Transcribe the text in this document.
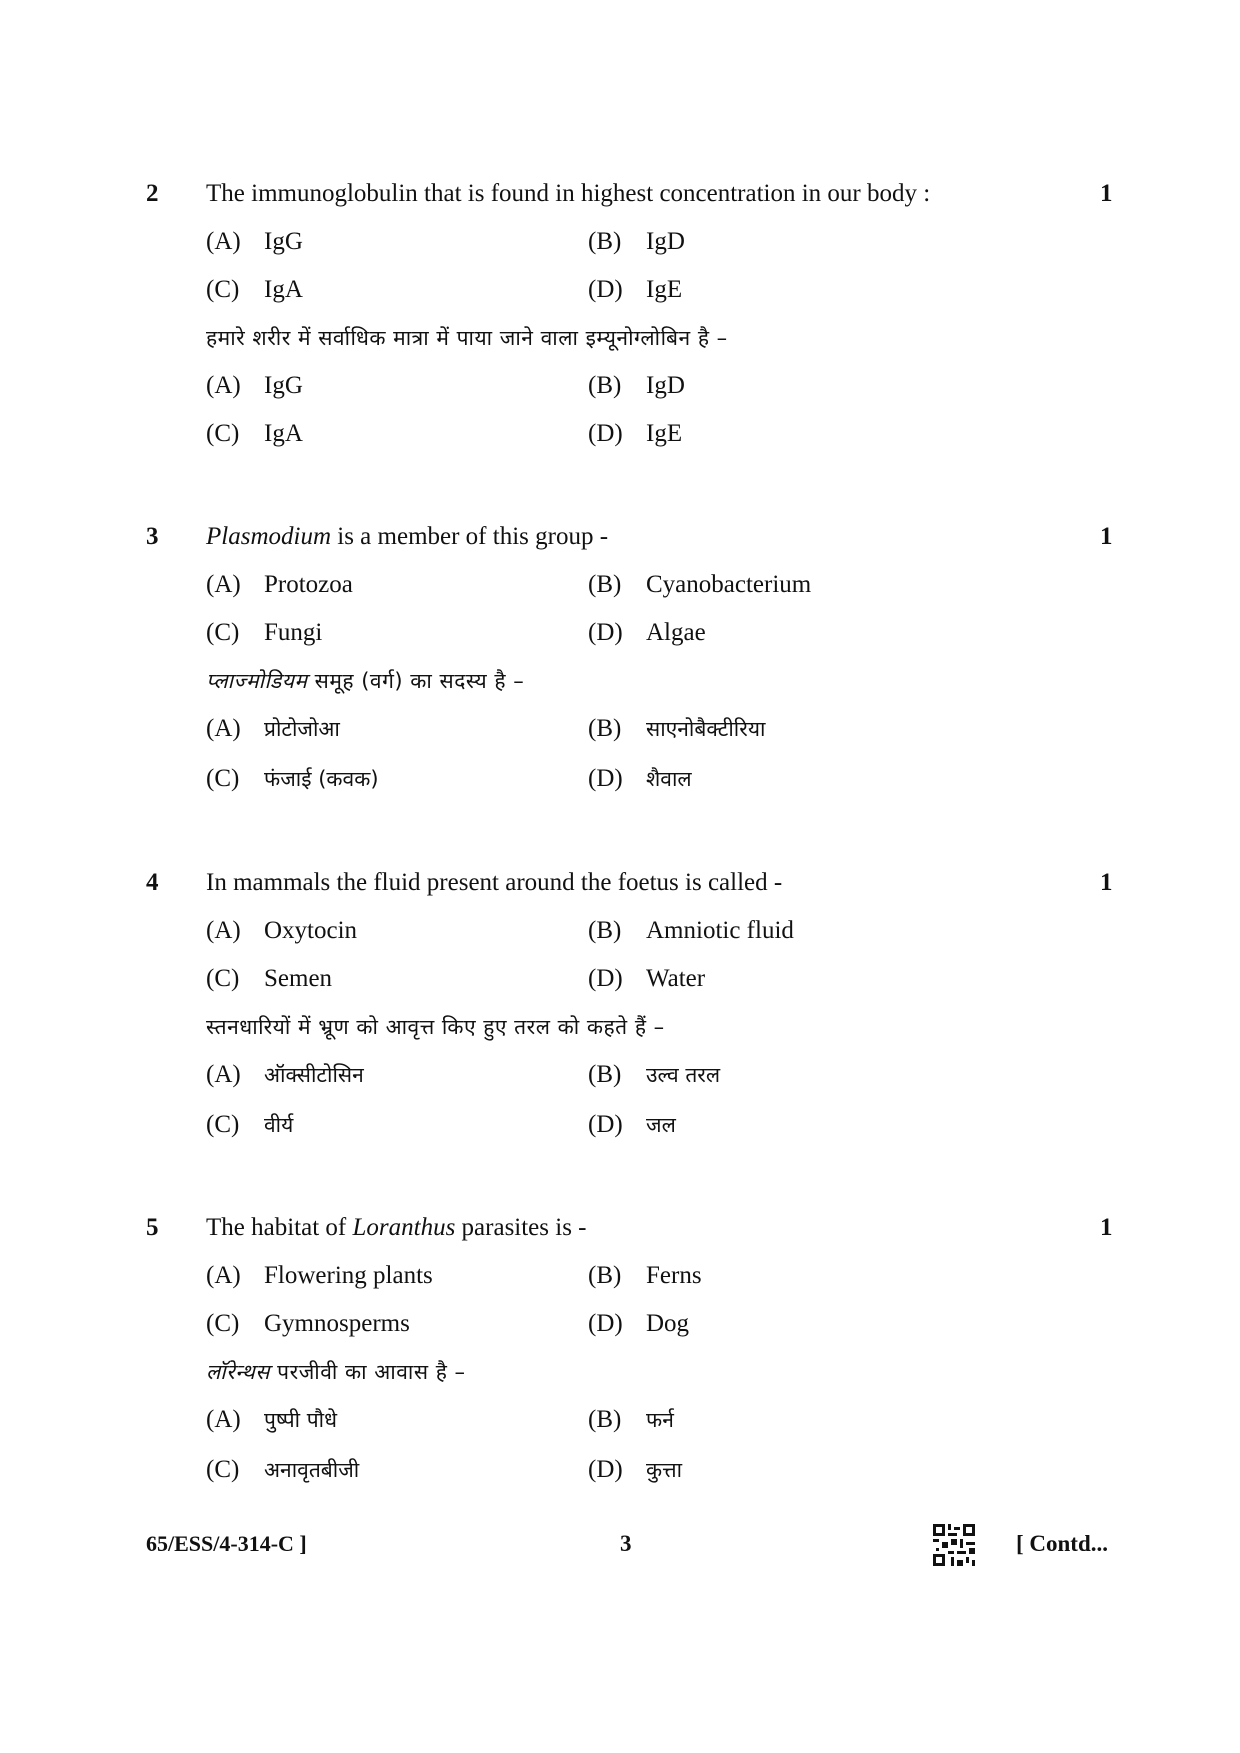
2 The immunoglobulin that is found in highest concentration in our body :	1
(A) IgG	(B) IgD
(C) IgA	(D) IgE
हमारे शरीर में सर्वाधिक मात्रा में पाया जाने वाला इम्यूनोग्लोबिन है –
(A) IgG	(B) IgD
(C) IgA	(D) IgE
3 Plasmodium is a member of this group -	1
(A) Protozoa	(B) Cyanobacterium
(C) Fungi	(D) Algae
प्लाज्मोडियम समूह (वर्ग) का सदस्य है –
(A) प्रोटोजोआ	(B) साएनोबैक्टीरिया
(C) फंजाई (कवक)	(D) शैवाल
4 In mammals the fluid present around the foetus is called -	1
(A) Oxytocin	(B) Amniotic fluid
(C) Semen	(D) Water
स्तनधारियों में भ्रूण को आवृत्त किए हुए तरल को कहते हैं –
(A) ऑक्सीटोसिन	(B) उल्व तरल
(C) वीर्य	(D) जल
5 The habitat of Loranthus parasites is -	1
(A) Flowering plants	(B) Ferns
(C) Gymnosperms	(D) Dog
लॉरेन्थस परजीवी का आवास है –
(A) पुष्पी पौधे	(B) फर्न
(C) अनावृतबीजी	(D) कुत्ता
65/ESS/4-314-C ]	3	[ Contd...
